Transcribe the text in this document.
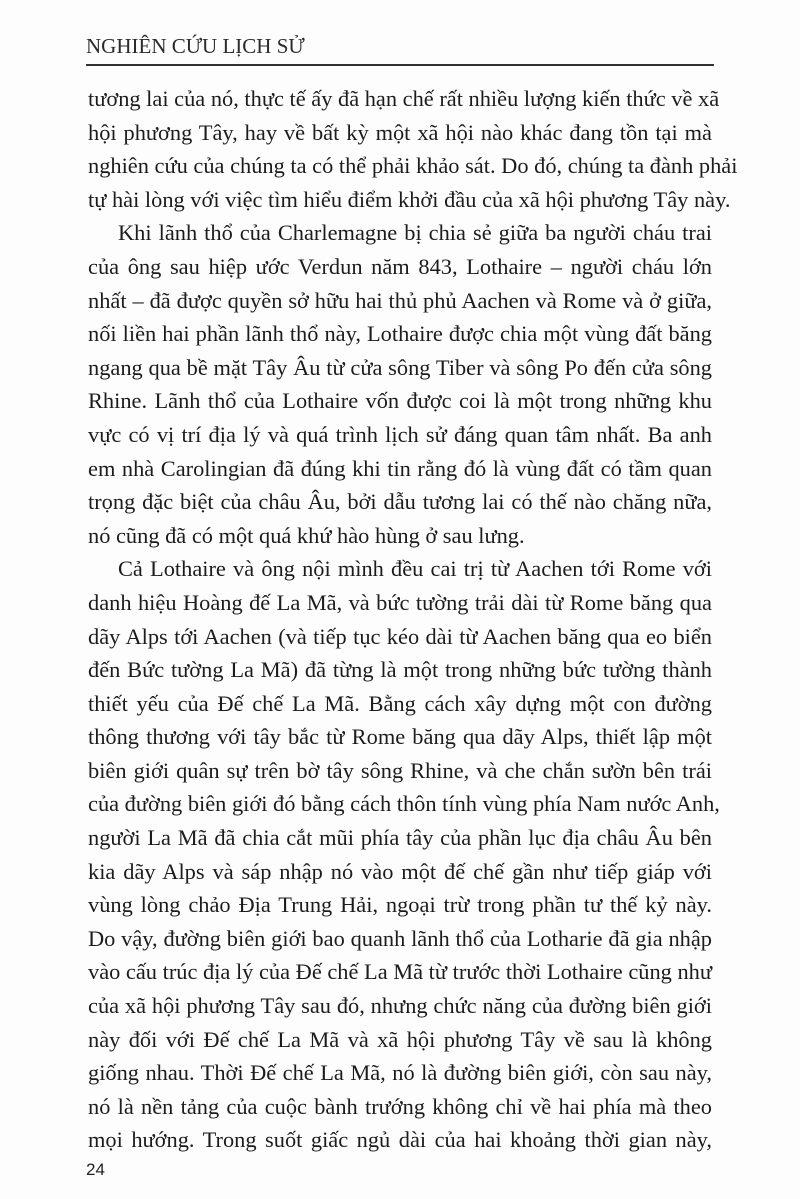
NGHIÊN CỨU LỊCH SỬ
tương lai của nó, thực tế ấy đã hạn chế rất nhiều lượng kiến thức về xã
hội phương Tây, hay về bất kỳ một xã hội nào khác đang tồn tại mà
nghiên cứu của chúng ta có thể phải khảo sát. Do đó, chúng ta đành phải
tự hài lòng với việc tìm hiểu điểm khởi đầu của xã hội phương Tây này.
Khi lãnh thổ của Charlemagne bị chia sẻ giữa ba người cháu trai
của ông sau hiệp ước Verdun năm 843, Lothaire – người cháu lớn
nhất – đã được quyền sở hữu hai thủ phủ Aachen và Rome và ở giữa,
nối liền hai phần lãnh thổ này, Lothaire được chia một vùng đất băng
ngang qua bề mặt Tây Âu từ cửa sông Tiber và sông Po đến cửa sông
Rhine. Lãnh thổ của Lothaire vốn được coi là một trong những khu
vực có vị trí địa lý và quá trình lịch sử đáng quan tâm nhất. Ba anh
em nhà Carolingian đã đúng khi tin rằng đó là vùng đất có tầm quan
trọng đặc biệt của châu Âu, bởi dẫu tương lai có thế nào chăng nữa,
nó cũng đã có một quá khứ hào hùng ở sau lưng.
Cả Lothaire và ông nội mình đều cai trị từ Aachen tới Rome với
danh hiệu Hoàng đế La Mã, và bức tường trải dài từ Rome băng qua
dãy Alps tới Aachen (và tiếp tục kéo dài từ Aachen băng qua eo biển
đến Bức tường La Mã) đã từng là một trong những bức tường thành
thiết yếu của Đế chế La Mã. Bằng cách xây dựng một con đường
thông thương với tây bắc từ Rome băng qua dãy Alps, thiết lập một
biên giới quân sự trên bờ tây sông Rhine, và che chắn sườn bên trái
của đường biên giới đó bằng cách thôn tính vùng phía Nam nước Anh,
người La Mã đã chia cắt mũi phía tây của phần lục địa châu Âu bên
kia dãy Alps và sáp nhập nó vào một đế chế gần như tiếp giáp với
vùng lòng chảo Địa Trung Hải, ngoại trừ trong phần tư thế kỷ này.
Do vậy, đường biên giới bao quanh lãnh thổ của Lotharie đã gia nhập
vào cấu trúc địa lý của Đế chế La Mã từ trước thời Lothaire cũng như
của xã hội phương Tây sau đó, nhưng chức năng của đường biên giới
này đối với Đế chế La Mã và xã hội phương Tây về sau là không
giống nhau. Thời Đế chế La Mã, nó là đường biên giới, còn sau này,
nó là nền tảng của cuộc bành trướng không chỉ về hai phía mà theo
mọi hướng. Trong suốt giấc ngủ dài của hai khoảng thời gian này,
24
